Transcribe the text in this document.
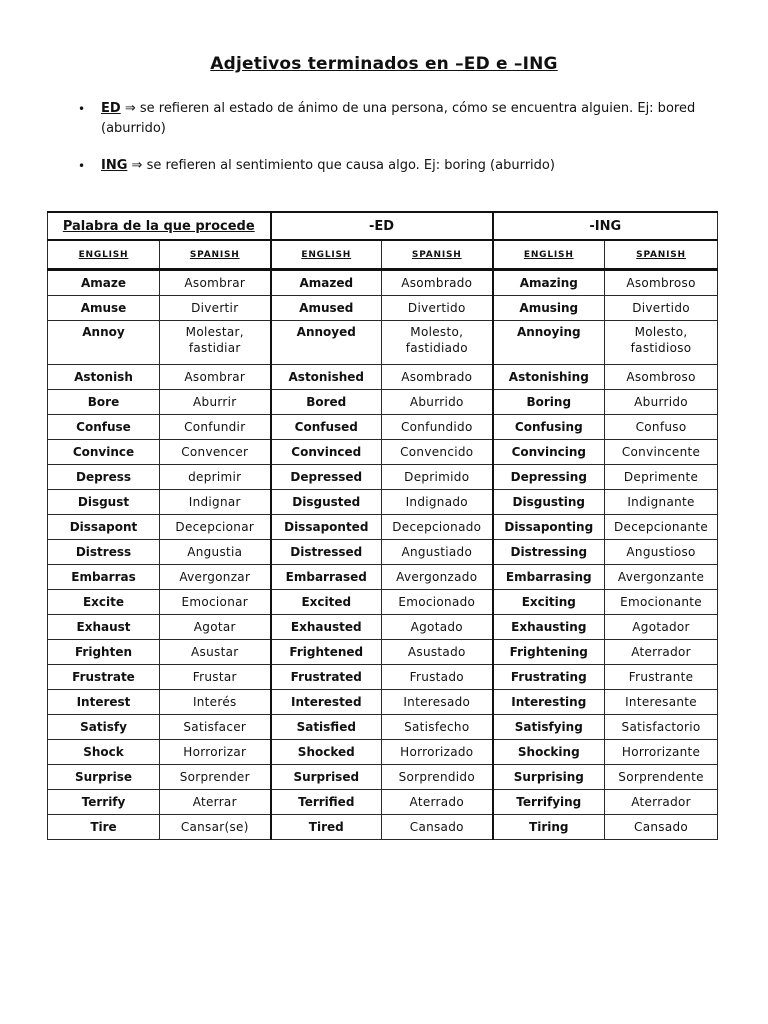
Adjetivos terminados en –ED e –ING
• ED ⇒ se refieren al estado de ánimo de una persona, cómo se encuentra alguien. Ej: bored (aburrido)
• ING ⇒ se refieren al sentimiento que causa algo. Ej: boring (aburrido)
Palabra de la que procede		-ED		-ING	
ENGLISH	SPANISH	ENGLISH	SPANISH	ENGLISH	SPANISH
Amaze	Asombrar	Amazed	Asombrado	Amazing	Asombroso
Amuse	Divertir	Amused	Divertido	Amusing	Divertido
Annoy	Molestar, fastidiar	Annoyed	Molesto, fastidiado	Annoying	Molesto, fastidioso
Astonish	Asombrar	Astonished	Asombrado	Astonishing	Asombroso
Bore	Aburrir	Bored	Aburrido	Boring	Aburrido
Confuse	Confundir	Confused	Confundido	Confusing	Confuso
Convince	Convencer	Convinced	Convencido	Convincing	Convincente
Depress	deprimir	Depressed	Deprimido	Depressing	Deprimente
Disgust	Indignar	Disgusted	Indignado	Disgusting	Indignante
Dissapont	Decepcionar	Dissaponted	Decepcionado	Dissaponting	Decepcionante
Distress	Angustia	Distressed	Angustiado	Distressing	Angustioso
Embarras	Avergonzar	Embarrased	Avergonzado	Embarrasing	Avergonzante
Excite	Emocionar	Excited	Emocionado	Exciting	Emocionante
Exhaust	Agotar	Exhausted	Agotado	Exhausting	Agotador
Frighten	Asustar	Frightened	Asustado	Frightening	Aterrador
Frustrate	Frustar	Frustrated	Frustado	Frustrating	Frustrante
Interest	Interés	Interested	Interesado	Interesting	Interesante
Satisfy	Satisfacer	Satisfied	Satisfecho	Satisfying	Satisfactorio
Shock	Horrorizar	Shocked	Horrorizado	Shocking	Horrorizante
Surprise	Sorprender	Surprised	Sorprendido	Surprising	Sorprendente
Terrify	Aterrar	Terrified	Aterrado	Terrifying	Aterrador
Tire	Cansar(se)	Tired	Cansado	Tiring	Cansado
